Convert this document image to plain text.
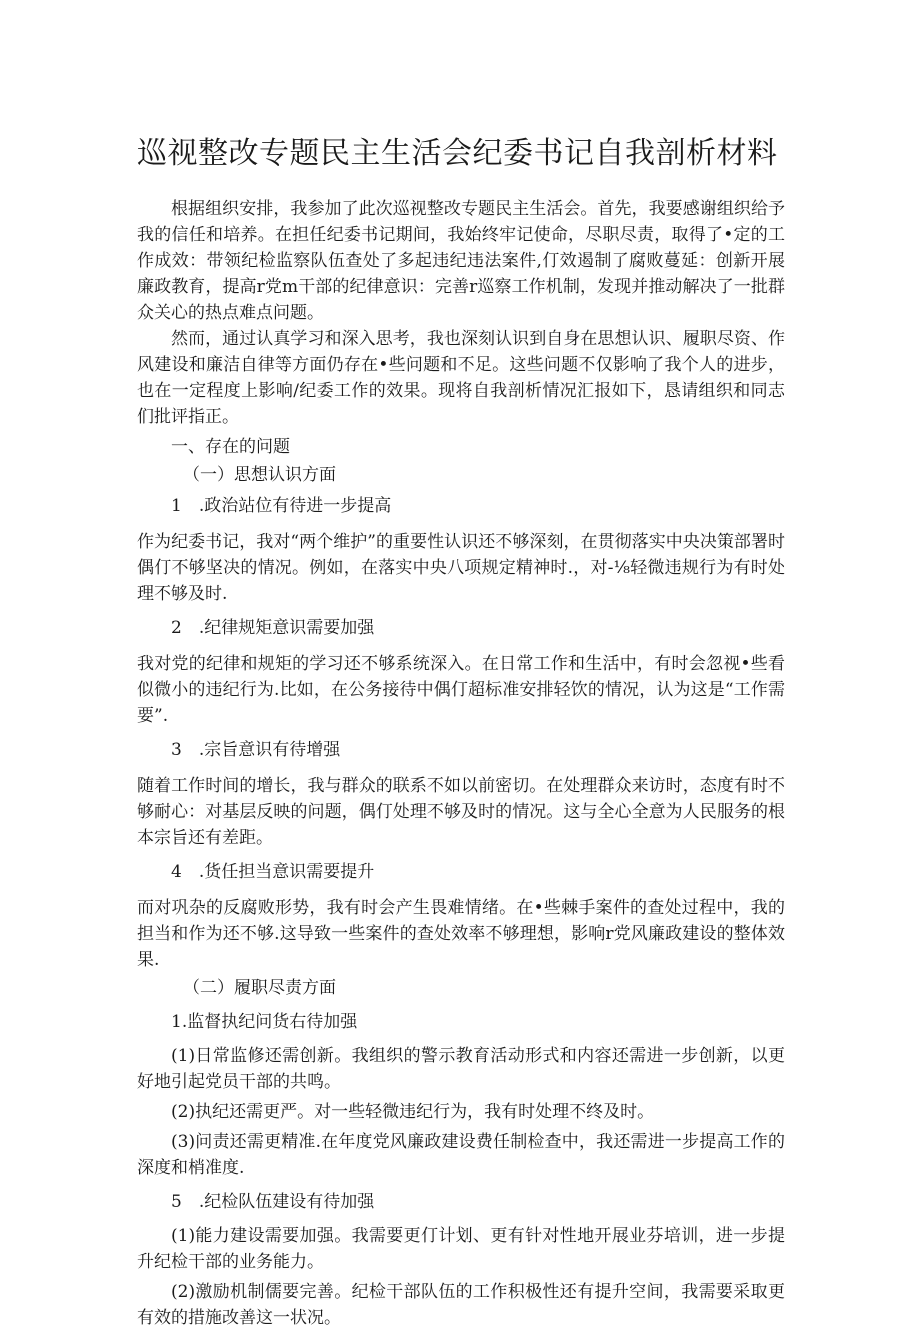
巡视整改专题民主生活会纪委书记自我剖析材料

根据组织安排，我参加了此次巡视整改专题民主生活会。首先，我要感谢组织给予我的信任和培养。在担任纪委书记期间，我始终牢记使命，尽职尽责，取得了•定的工作成效：带领纪检监察队伍查处了多起违纪违法案件,仃效遏制了腐败蔓延：创新开展廉政教育，提高r党m干部的纪律意识：完善r巡察工作机制，发现并推动解决了一批群众关心的热点难点问题。

然而，通过认真学习和深入思考，我也深刻认识到自身在思想认识、履职尽资、作风建设和廉洁自律等方面仍存在•些问题和不足。这些问题不仅影响了我个人的进步，也在一定程度上影响/纪委工作的效果。现将自我剖析情况汇报如下，恳请组织和同志们批评指正。

一、存在的问题

（一）思想认识方面

1　.政治站位有待进一步提高

作为纪委书记，我对“两个维护”的重要性认识还不够深刻，在贯彻落实中央决策部署时偶仃不够坚决的情况。例如，在落实中央八项规定精神时.，对-⅛轻微违规行为有时处理不够及时.

2　.纪律规矩意识需要加强

我对党的纪律和规矩的学习还不够系统深入。在日常工作和生活中，有时会忽视•些看似微小的违纪行为.比如，在公务接待中偶仃超标准安排轻饮的情况，认为这是“工作需要”.

3　.宗旨意识有待增强

随着工作时间的增长，我与群众的联系不如以前密切。在处理群众来访时，态度有时不够耐心：对基层反映的问题，偶仃处理不够及时的情况。这与全心全意为人民服务的根本宗旨还有差距。

4　.货任担当意识需要提升

而对巩杂的反腐败形势，我有时会产生畏难情绪。在•些棘手案件的查处过程中，我的担当和作为还不够.这导致一些案件的查处效率不够理想，影响r党风廉政建设的整体效果.

（二）履职尽责方面

1.监督执纪问货右待加强

(1)日常监修还需创新。我组织的警示教育活动形式和内容还需进一步创新，以更好地引起党员干部的共鸣。

(2)执纪还需更严。对一些轻微违纪行为，我有时处理不终及时。

(3)问责还需更精准.在年度党风廉政建设费任制检查中，我还需进一步提高工作的深度和梢准度.

5　.纪检队伍建设有待加强

(1)能力建设需要加强。我需要更仃计划、更有针对性地开展业芬培训，进一步提升纪检干部的业务能力。

(2)激励机制儒要完善。纪检干部队伍的工作积极性还有提升空间，我需要采取更有效的措施改善这一状况。
